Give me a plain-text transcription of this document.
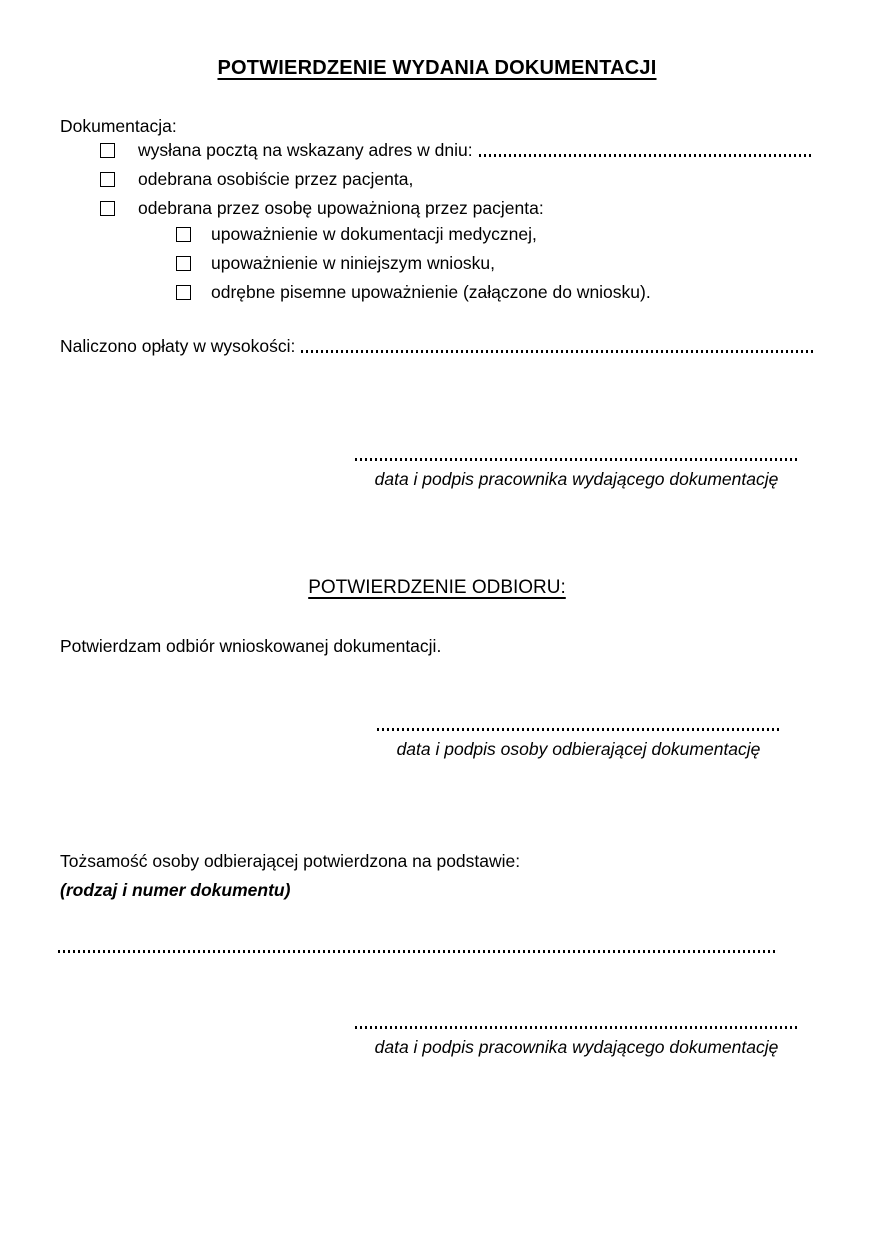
POTWIERDZENIE WYDANIA DOKUMENTACJI
Dokumentacja:
wysłana pocztą na wskazany adres w dniu:
odebrana osobiście przez pacjenta,
odebrana przez osobę upoważnioną przez pacjenta:
upoważnienie w dokumentacji medycznej,
upoważnienie w niniejszym wniosku,
odrębne pisemne upoważnienie (załączone do wniosku).
Naliczono opłaty w wysokości:
data i podpis pracownika wydającego dokumentację
POTWIERDZENIE ODBIORU:
Potwierdzam odbiór wnioskowanej dokumentacji.
data i podpis osoby odbierającej dokumentację
Tożsamość osoby odbierającej potwierdzona na podstawie:
(rodzaj i numer dokumentu)
data i podpis pracownika wydającego dokumentację
